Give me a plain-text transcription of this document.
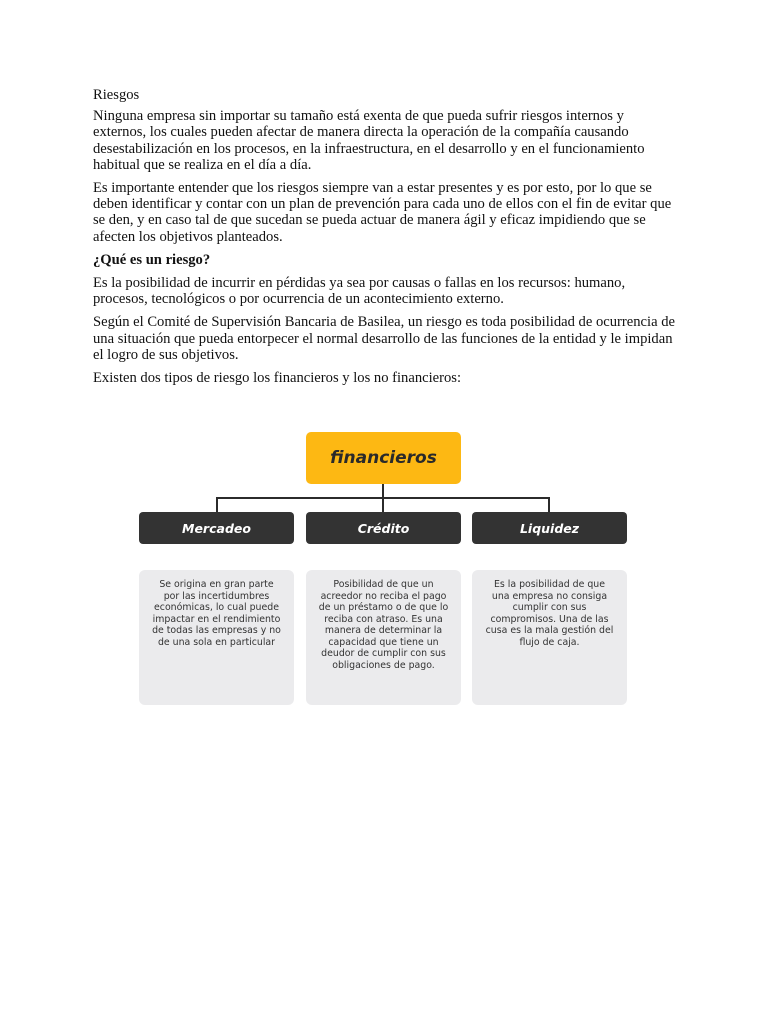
Riesgos

Ninguna empresa sin importar su tamaño está exenta de que pueda sufrir riesgos internos y externos, los cuales pueden afectar de manera directa la operación de la compañía causando desestabilización en los procesos, en la infraestructura, en el desarrollo y en el funcionamiento habitual que se realiza en el día a día.

Es importante entender que los riesgos siempre van a estar presentes y es por esto, por lo que se deben identificar y contar con un plan de prevención para cada uno de ellos con el fin de evitar que se den, y en caso tal de que sucedan se pueda actuar de manera ágil y eficaz impidiendo que se afecten los objetivos planteados.

¿Qué es un riesgo?

Es la posibilidad de incurrir en pérdidas ya sea por causas o fallas en los recursos: humano, procesos, tecnológicos o por ocurrencia de un acontecimiento externo.

Según el Comité de Supervisión Bancaria de Basilea, un riesgo es toda posibilidad de ocurrencia de una situación que pueda entorpecer el normal desarrollo de las funciones de la entidad y le impidan el logro de sus objetivos.

Existen dos tipos de riesgo los financieros y los no financieros:

financieros
Mercadeo	Crédito	Liquidez
Se origina en gran parte por las incertidumbres económicas, lo cual puede impactar en el rendimiento de todas las empresas y no de una sola en particular
Posibilidad de que un acreedor no reciba el pago de un préstamo o de que lo reciba con atraso. Es una manera de determinar la capacidad que tiene un deudor de cumplir con sus obligaciones de pago.
Es la posibilidad de que una empresa no consiga cumplir con sus compromisos. Una de las cusa es la mala gestión del flujo de caja.
